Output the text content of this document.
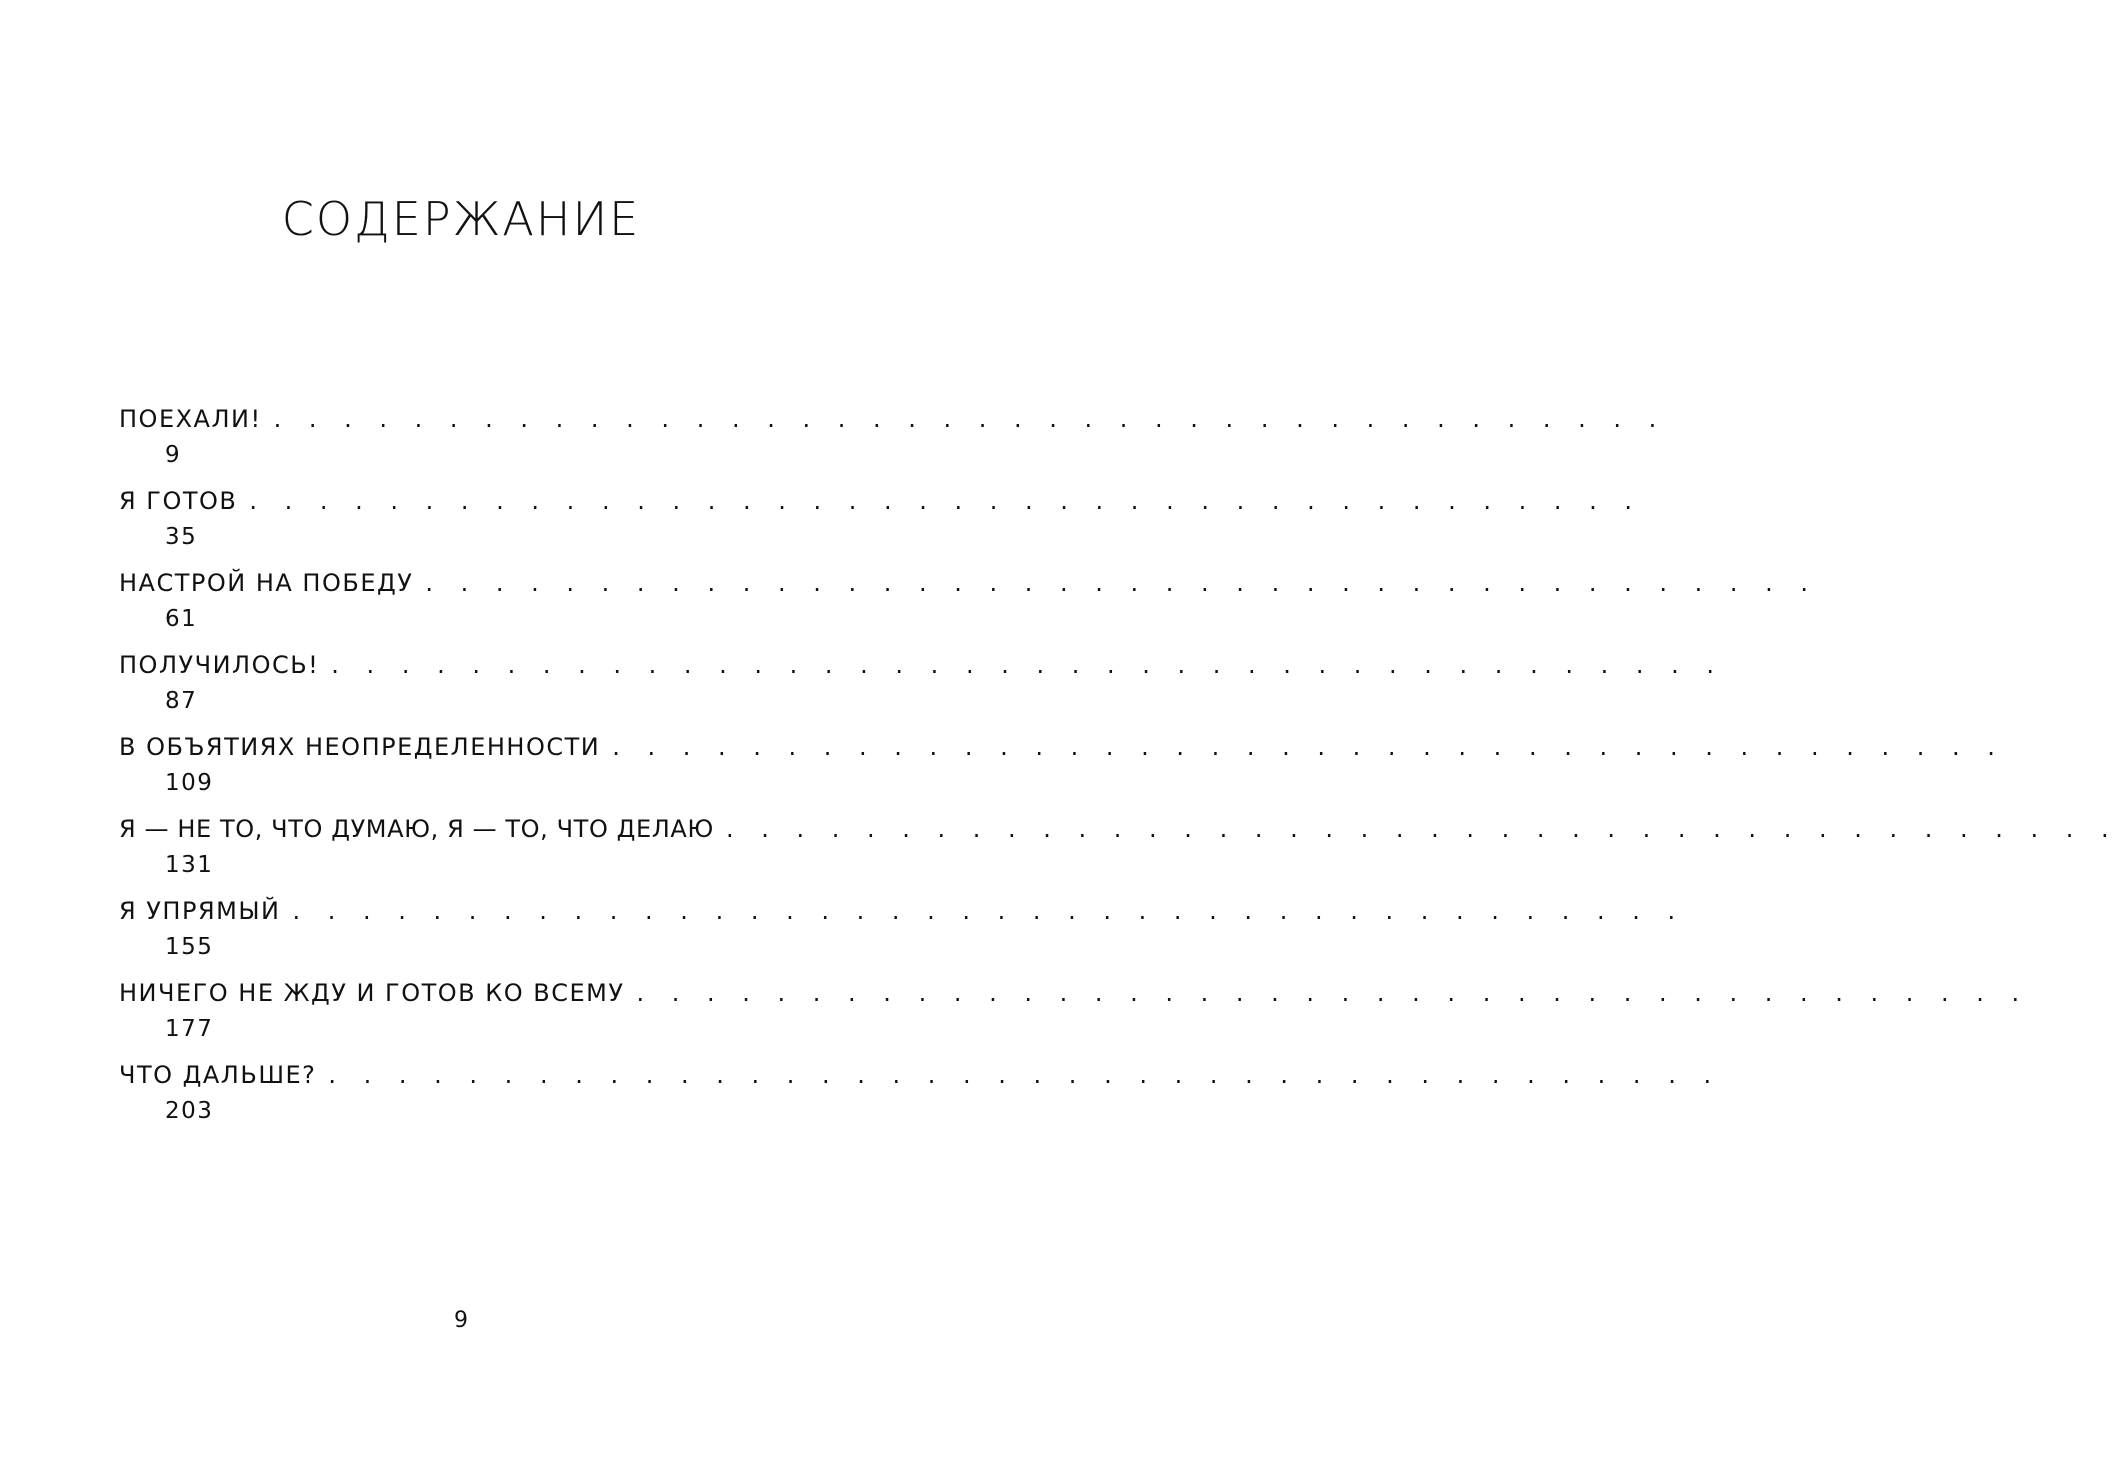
СОДЕРЖАНИЕ
ПОЕХАЛИ! . . . . . . . . . . . . . . . . . . . . . . . . . . . . . . . . . . . . . . . .
9
Я ГОТОВ . . . . . . . . . . . . . . . . . . . . . . . . . . . . . . . . . . . . . . . .
35
НАСТРОЙ НА ПОБЕДУ . . . . . . . . . . . . . . . . . . . . . . . . . . . . . . . . . . . . . . . .
61
ПОЛУЧИЛОСЬ! . . . . . . . . . . . . . . . . . . . . . . . . . . . . . . . . . . . . . . . .
87
В ОБЪЯТИЯХ НЕОПРЕДЕЛЕННОСТИ . . . . . . . . . . . . . . . . . . . . . . . . . . . . . . . . . . . . . . . .
109
Я — НЕ ТО, ЧТО ДУМАЮ, Я — ТО, ЧТО ДЕЛАЮ . . . . . . . . . . . . . . . . . . . . . . . . . . . . . . . . . . . . . . . .
131
Я УПРЯМЫЙ . . . . . . . . . . . . . . . . . . . . . . . . . . . . . . . . . . . . . . . .
155
НИЧЕГО НЕ ЖДУ И ГОТОВ КО ВСЕМУ . . . . . . . . . . . . . . . . . . . . . . . . . . . . . . . . . . . . . . . .
177
ЧТО ДАЛЬШЕ? . . . . . . . . . . . . . . . . . . . . . . . . . . . . . . . . . . . . . . . .
203
9
